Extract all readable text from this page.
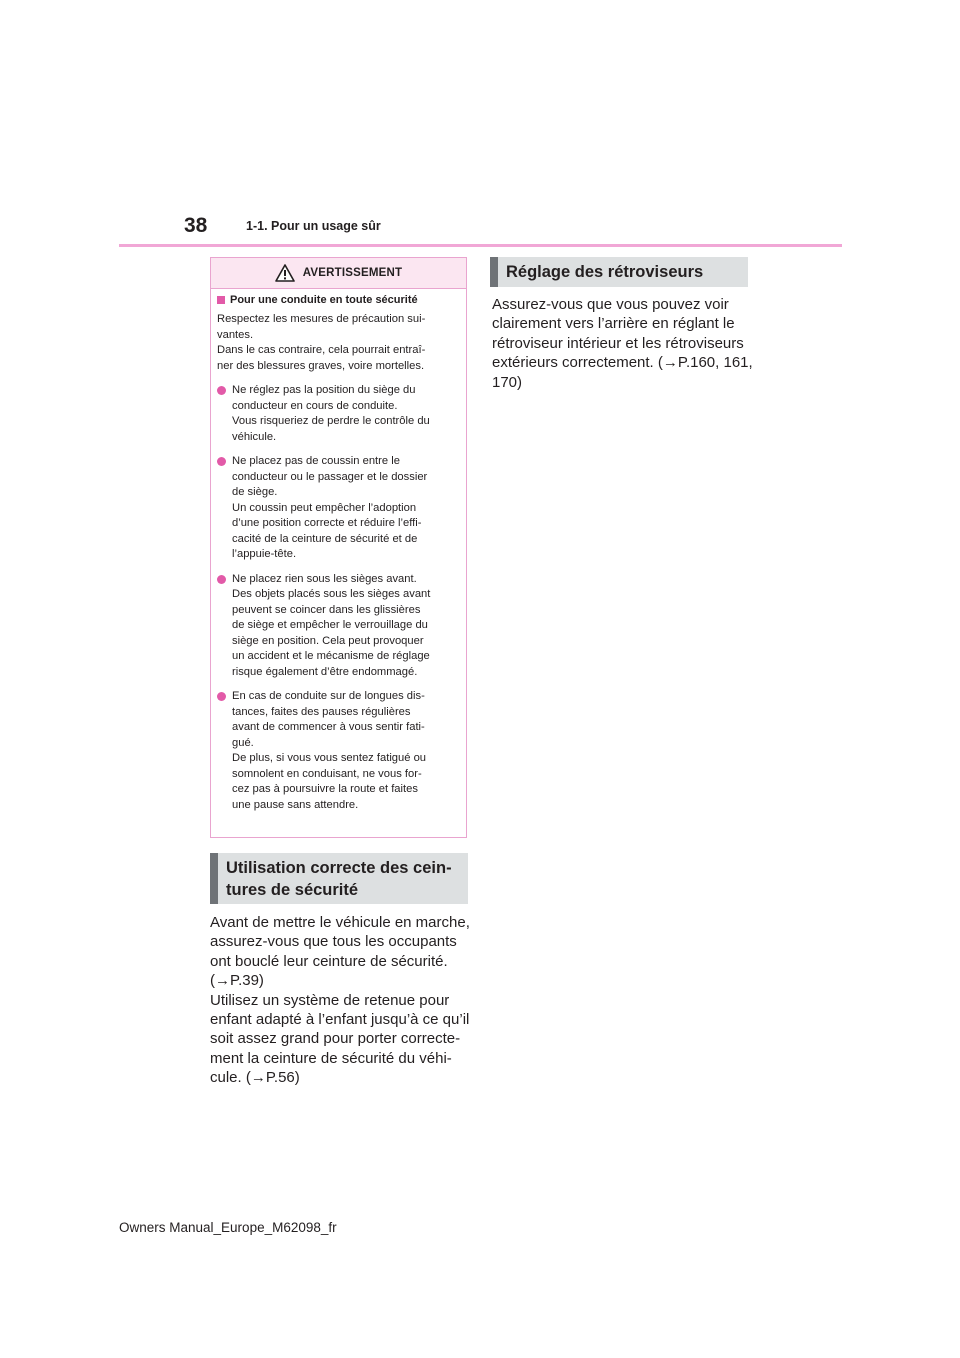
38	1-1. Pour un usage sûr
AVERTISSEMENT
Pour une conduite en toute sécurité

Respectez les mesures de précaution sui-
vantes.
Dans le cas contraire, cela pourrait entraî-
ner des blessures graves, voire mortelles.

Ne réglez pas la position du siège du
conducteur en cours de conduite.
Vous risqueriez de perdre le contrôle du
véhicule.
Ne placez pas de coussin entre le
conducteur ou le passager et le dossier
de siège.
Un coussin peut empêcher l’adoption
d’une position correcte et réduire l’effi-
cacité de la ceinture de sécurité et de
l’appuie-tête.
Ne placez rien sous les sièges avant.
Des objets placés sous les sièges avant
peuvent se coincer dans les glissières
de siège et empêcher le verrouillage du
siège en position. Cela peut provoquer
un accident et le mécanisme de réglage
risque également d’être endommagé.
En cas de conduite sur de longues dis-
tances, faites des pauses régulières
avant de commencer à vous sentir fati-
gué.
De plus, si vous vous sentez fatigué ou
somnolent en conduisant, ne vous for-
cez pas à poursuivre la route et faites
une pause sans attendre.
Utilisation correcte des cein-
tures de sécurité
Avant de mettre le véhicule en marche,
assurez-vous que tous les occupants
ont bouclé leur ceinture de sécurité.
(→P.39)
Utilisez un système de retenue pour
enfant adapté à l’enfant jusqu’à ce qu’il
soit assez grand pour porter correcte-
ment la ceinture de sécurité du véhi-
cule. (→P.56)
Réglage des rétroviseurs
Assurez-vous que vous pouvez voir
clairement vers l’arrière en réglant le
rétroviseur intérieur et les rétroviseurs
extérieurs correctement. (→P.160, 161,
170)
Owners Manual_Europe_M62098_fr
